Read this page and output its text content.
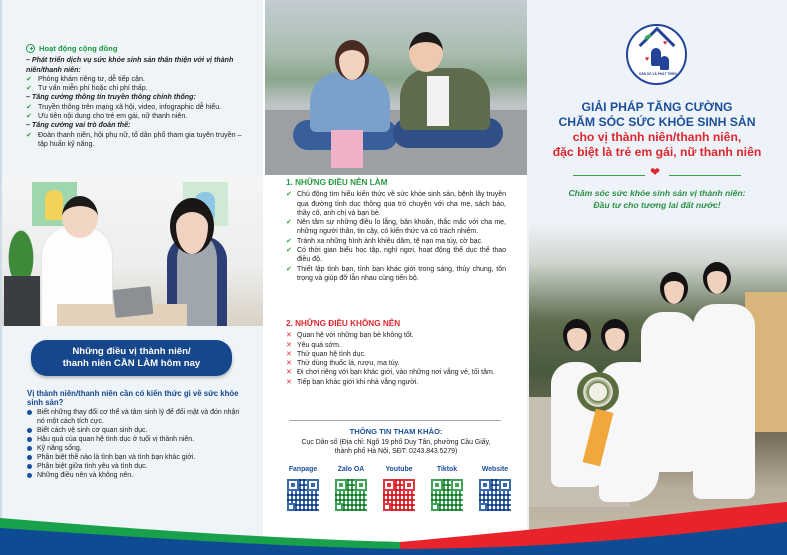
Hoạt động cộng đồng
– Phát triển dịch vụ sức khỏe sinh sản thân thiện với vị thành niên/thanh niên:
✔ Phòng khám riêng tư, dễ tiếp cận.
✔ Tư vấn miễn phí hoặc chi phí thấp.
– Tăng cường thông tin truyền thông chính thống:
✔ Truyền thông trên mạng xã hội, video, infographic dễ hiểu.
✔ Ưu tiên nội dung cho trẻ em gái, nữ thanh niên.
– Tăng cường vai trò đoàn thể:
✔ Đoàn thanh niên, hội phụ nữ, tổ dân phố tham gia tuyên truyền – tập huấn kỹ năng.
Những điều vị thành niên/
thanh niên CẦN LÀM hôm nay
Vị thành niên/thanh niên cần có kiến thức gì về sức khỏe sinh sản?
Biết những thay đổi cơ thể và tâm sinh lý để đối mặt và đón nhận nó một cách tích cực.
Biết cách vệ sinh cơ quan sinh dục.
Hậu quả của quan hệ tình dục ở tuổi vị thành niên.
Kỹ năng sống.
Phân biệt thế nào là tình bạn và tình bạn khác giới.
Phân biệt giữa tình yêu và tình dục.
Những điều nên và không nên.
1. NHỮNG ĐIỀU NÊN LÀM
✔ Chủ động tìm hiểu kiến thức về sức khỏe sinh sản, bệnh lây truyền qua đường tình dục thông qua trò chuyện với cha mẹ, sách báo, thầy cô, anh chị và bạn bè.
✔ Nên tâm sự những điều lo lắng, băn khoăn, thắc mắc với cha mẹ, những người thân, tin cậy, có kiến thức và có trách nhiệm.
✔ Tránh xa những hình ảnh khiêu dâm, tệ nạn ma túy, cờ bạc.
✔ Có thời gian biểu học tập, nghỉ ngơi, hoạt động thể dục thể thao điều độ.
✔ Thiết lập tình bạn, tình bạn khác giới trong sáng, thủy chung, tôn trọng và giúp đỡ lẫn nhau cùng tiến bộ.
2. NHỮNG ĐIỀU KHÔNG NÊN
✕ Quan hệ với những bạn bè không tốt.
✕ Yêu quá sớm.
✕ Thử quan hệ tình dục.
✕ Thử dùng thuốc lá, rượu, ma túy.
✕ Đi chơi riêng với bạn khác giới, vào những nơi vắng vẻ, tối tăm.
✕ Tiếp bạn khác giới khi nhà vắng người.
THÔNG TIN THAM KHẢO:
Cục Dân số (Địa chỉ: Ngõ 19 phố Duy Tân, phường Cầu Giấy,
thành phố Hà Nội, SĐT: 0243.843.5279)
Fanpage	Zalo OA	Youtube	Tiktok	Website
♥
♥
DÂN SỐ VÀ PHÁT TRIỂN
GIẢI PHÁP TĂNG CƯỜNG
CHĂM SÓC SỨC KHỎE SINH SẢN
cho vị thành niên/thanh niên,
đặc biệt là trẻ em gái, nữ thanh niên
❤
Chăm sóc sức khỏe sinh sản vị thành niên:
Đầu tư cho tương lai đất nước!
